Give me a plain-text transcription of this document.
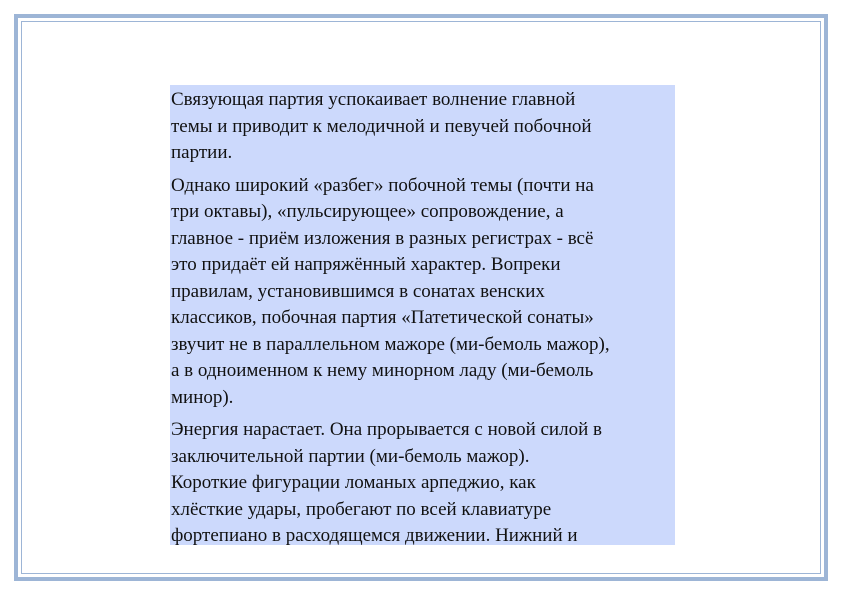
Связующая партия успокаивает волнение главной
темы и приводит к мелодичной и певучей побочной
партии.

Однако широкий «разбег» побочной темы (почти на
три октавы), «пульсирующее» сопровождение, а
главное - приём изложения в разных регистрах - всё
это придаёт ей напряжённый характер. Вопреки
правилам, установившимся в сонатах венских
классиков, побочная партия «Патетической сонаты»
звучит не в параллельном мажоре (ми-бемоль мажор),
а в одноименном к нему минорном ладу (ми-бемоль
минор).

Энергия нарастает. Она прорывается с новой силой в
заключительной партии (ми-бемоль мажор).
Короткие фигурации ломаных арпеджио, как
хлёсткие удары, пробегают по всей клавиатуре
фортепиано в расходящемся движении. Нижний и
